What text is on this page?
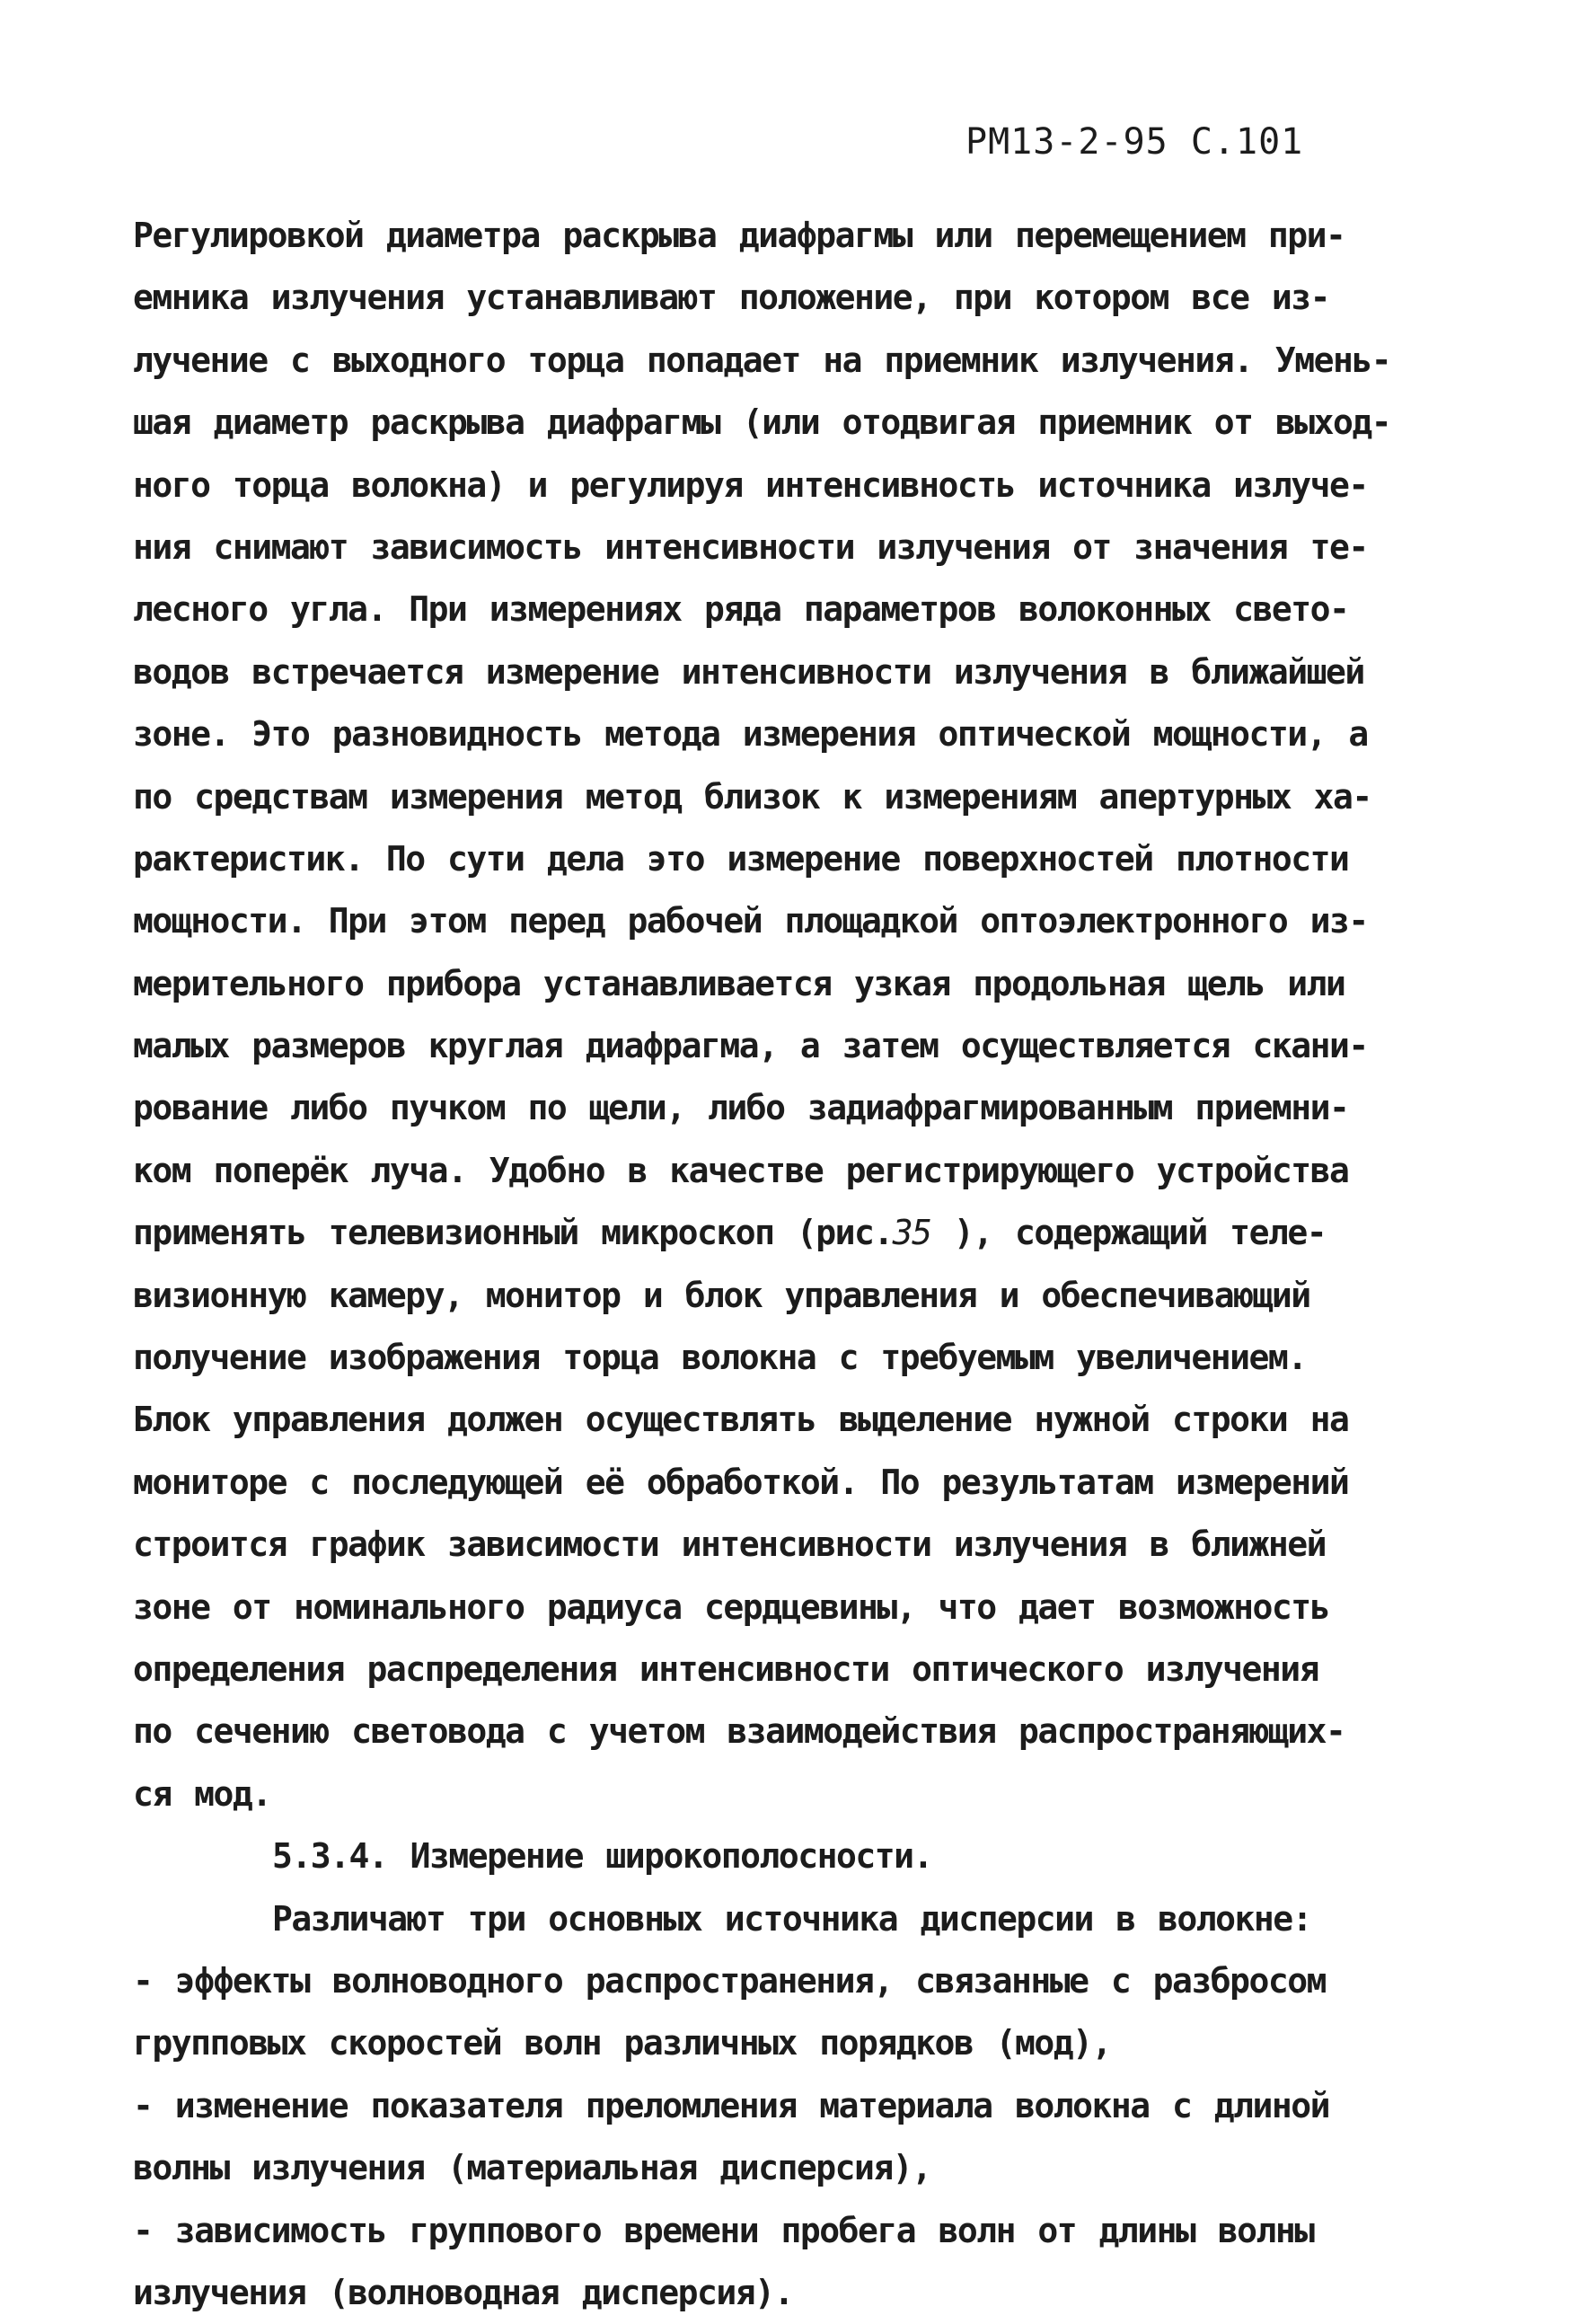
РМ13-2-95 С.101
Регулировкой диаметра раскрыва диафрагмы или перемещением при-
емника излучения устанавливают положение, при котором все из-
лучение с выходного торца попадает на приемник излучения. Умень-
шая диаметр раскрыва диафрагмы (или отодвигая приемник от выход-
ного торца волокна) и регулируя интенсивность источника излуче-
ния снимают зависимость интенсивности излучения от значения те-
лесного угла. При измерениях ряда параметров волоконных свето-
водов встречается измерение интенсивности излучения в ближайшей
зоне. Это разновидность метода измерения оптической мощности, а
по средствам измерения метод близок к измерениям апертурных ха-
рактеристик. По сути дела это измерение поверхностей плотности
мощности. При этом перед рабочей площадкой оптоэлектронного из-
мерительного прибора устанавливается узкая продольная щель или
малых размеров круглая диафрагма, а затем осуществляется скани-
рование либо пучком по щели, либо задиафрагмированным приемни-
ком поперёк луча. Удобно в качестве регистрирующего устройства
применять телевизионный микроскоп (рис.35 ), содержащий теле-
визионную камеру, монитор и блок управления и обеспечивающий
получение изображения торца волокна с требуемым увеличением.
Блок управления должен осуществлять выделение нужной строки на
мониторе с последующей её обработкой. По результатам измерений
строится график зависимости интенсивности излучения в ближней
зоне от номинального радиуса сердцевины, что дает возможность
определения распределения интенсивности оптического излучения
по сечению световода с учетом взаимодействия распространяющих-
ся мод.
5.3.4. Измерение широкополосности.
Различают три основных источника дисперсии в волокне:
- эффекты волноводного распространения, связанные с разбросом
групповых скоростей волн различных порядков (мод),
- изменение показателя преломления материала волокна с длиной
волны излучения (материальная дисперсия),
- зависимость группового времени пробега волн от длины волны
излучения (волноводная дисперсия).
